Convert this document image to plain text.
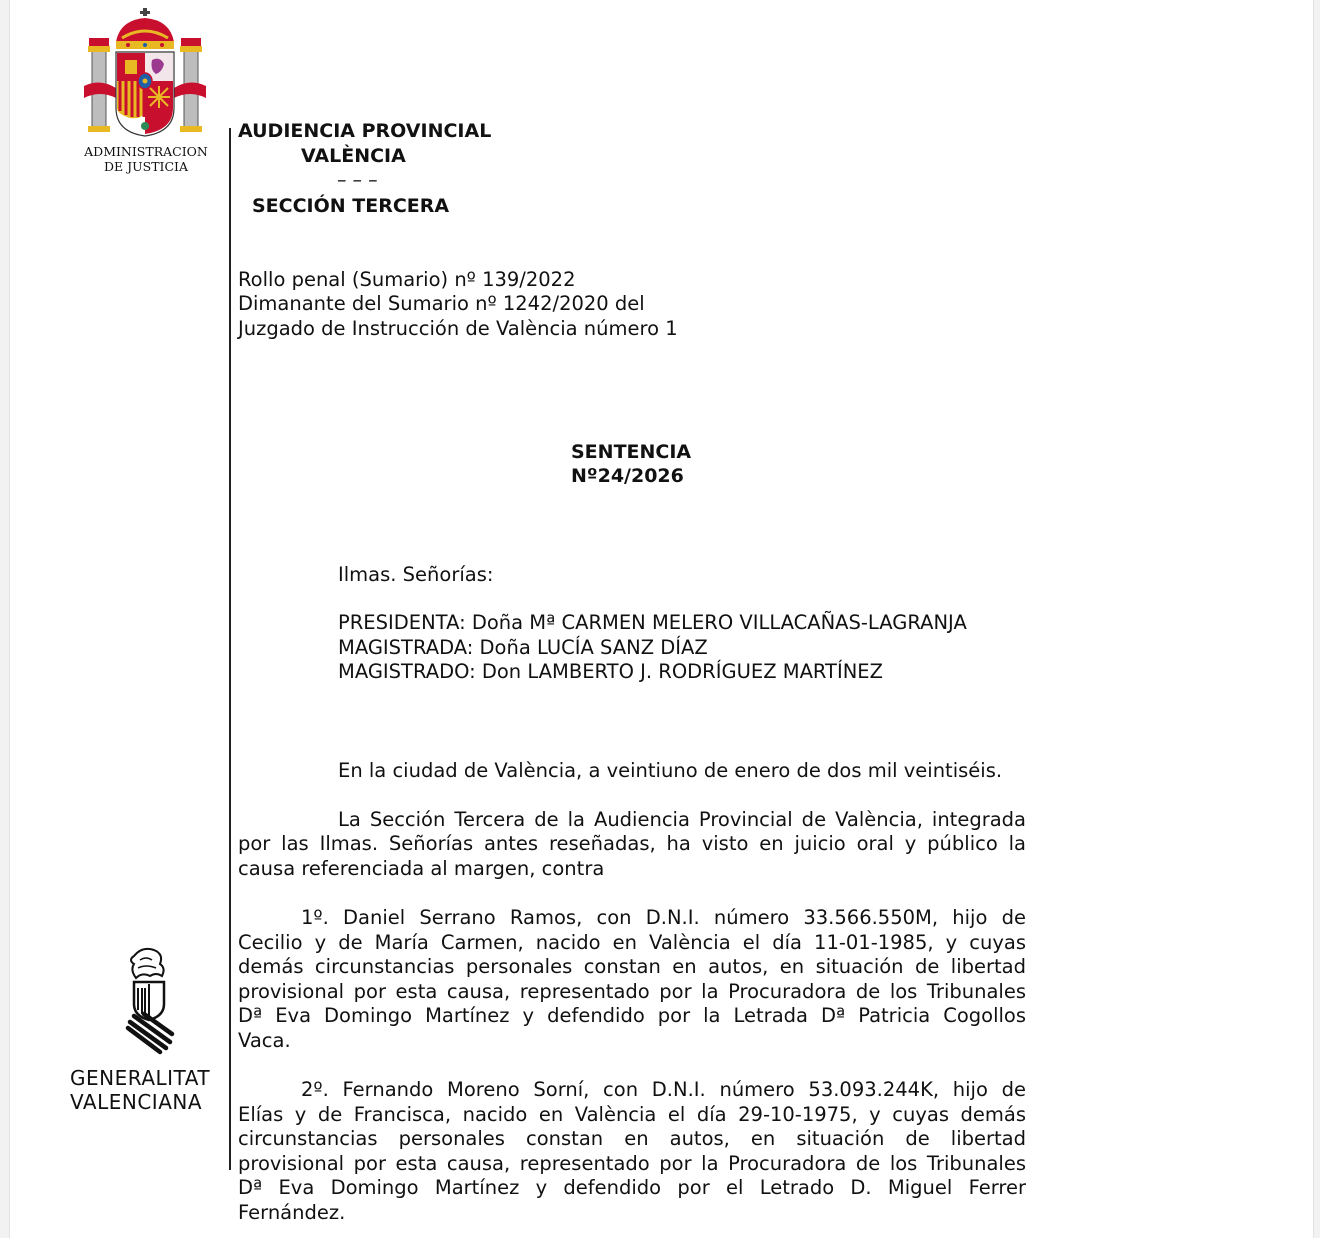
ADMINISTRACION
DE JUSTICIA
GENERALITAT
VALENCIANA
AUDIENCIA PROVINCIAL
VALÈNCIA
– – –
SECCIÓN TERCERA
Rollo penal (Sumario) nº 139/2022
Dimanante del Sumario nº 1242/2020 del
Juzgado de Instrucción de València número 1
SENTENCIA
Nº24/2026
Ilmas. Señorías:
PRESIDENTA: Doña Mª CARMEN MELERO VILLACAÑAS-LAGRANJA
MAGISTRADA: Doña LUCÍA SANZ DÍAZ
MAGISTRADO: Don LAMBERTO J. RODRÍGUEZ MARTÍNEZ
En la ciudad de València, a veintiuno de enero de dos mil veintiséis.
La Sección Tercera de la Audiencia Provincial de València, integrada
por las Ilmas. Señorías antes reseñadas, ha visto en juicio oral y público la
causa referenciada al margen, contra
1º. Daniel Serrano Ramos, con D.N.I. número 33.566.550M, hijo de
Cecilio y de María Carmen, nacido en València el día 11-01-1985, y cuyas
demás circunstancias personales constan en autos, en situación de libertad
provisional por esta causa, representado por la Procuradora de los Tribunales
Dª Eva Domingo Martínez y defendido por la Letrada Dª Patricia Cogollos
Vaca.
2º. Fernando Moreno Sorní, con D.N.I. número 53.093.244K, hijo de
Elías y de Francisca, nacido en València el día 29-10-1975, y cuyas demás
circunstancias personales constan en autos, en situación de libertad
provisional por esta causa, representado por la Procuradora de los Tribunales
Dª Eva Domingo Martínez y defendido por el Letrado D. Miguel Ferrer
Fernández.
